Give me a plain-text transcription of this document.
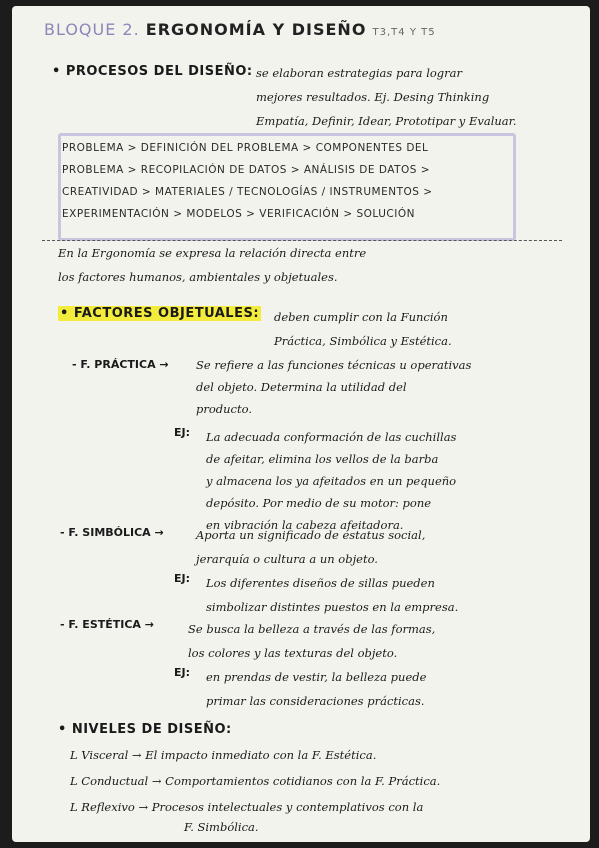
BLOQUE 2. ERGONOMÍA Y DISEÑO T3,T4 Y T5
• PROCESOS DEL DISEÑO: se elaboran estrategias para lograr
mejores resultados. Ej. Desing Thinking
Empatía, Definir, Idear, Prototipar y Evaluar.
PROBLEMA > DEFINICIÓN DEL PROBLEMA > COMPONENTES DEL
PROBLEMA > RECOPILACIÓN DE DATOS > ANÁLISIS DE DATOS >
CREATIVIDAD > MATERIALES / TECNOLOGÍAS / INSTRUMENTOS >
EXPERIMENTACIÓN > MODELOS > VERIFICACIÓN > SOLUCIÓN
En la Ergonomía se expresa la relación directa entre
los factores humanos, ambientales y objetuales.
• FACTORES OBJETUALES: deben cumplir con la Función
Práctica, Simbólica y Estética.
- F. PRÁCTICA → Se refiere a las funciones técnicas u operativas
del objeto. Determina la utilidad del
producto.
EJ: La adecuada conformación de las cuchillas
de afeitar, elimina los vellos de la barba
y almacena los ya afeitados en un pequeño
depósito. Por medio de su motor: pone
en vibración la cabeza afeitadora.
- F. SIMBÓLICA →	Aporta un significado de estatus social,
jerarquía o cultura a un objeto.
EJ: Los diferentes diseños de sillas pueden
simbolizar distintes puestos en la empresa.
- F. ESTÉTICA →	Se busca la belleza a través de las formas,
los colores y las texturas del objeto.
EJ: en prendas de vestir, la belleza puede
primar las consideraciones prácticas.
• NIVELES DE DISEÑO:
L Visceral → El impacto inmediato con la F. Estética.
L Conductual → Comportamientos cotidianos con la F. Práctica.
L Reflexivo → Procesos intelectuales y contemplativos con la
F. Simbólica.
